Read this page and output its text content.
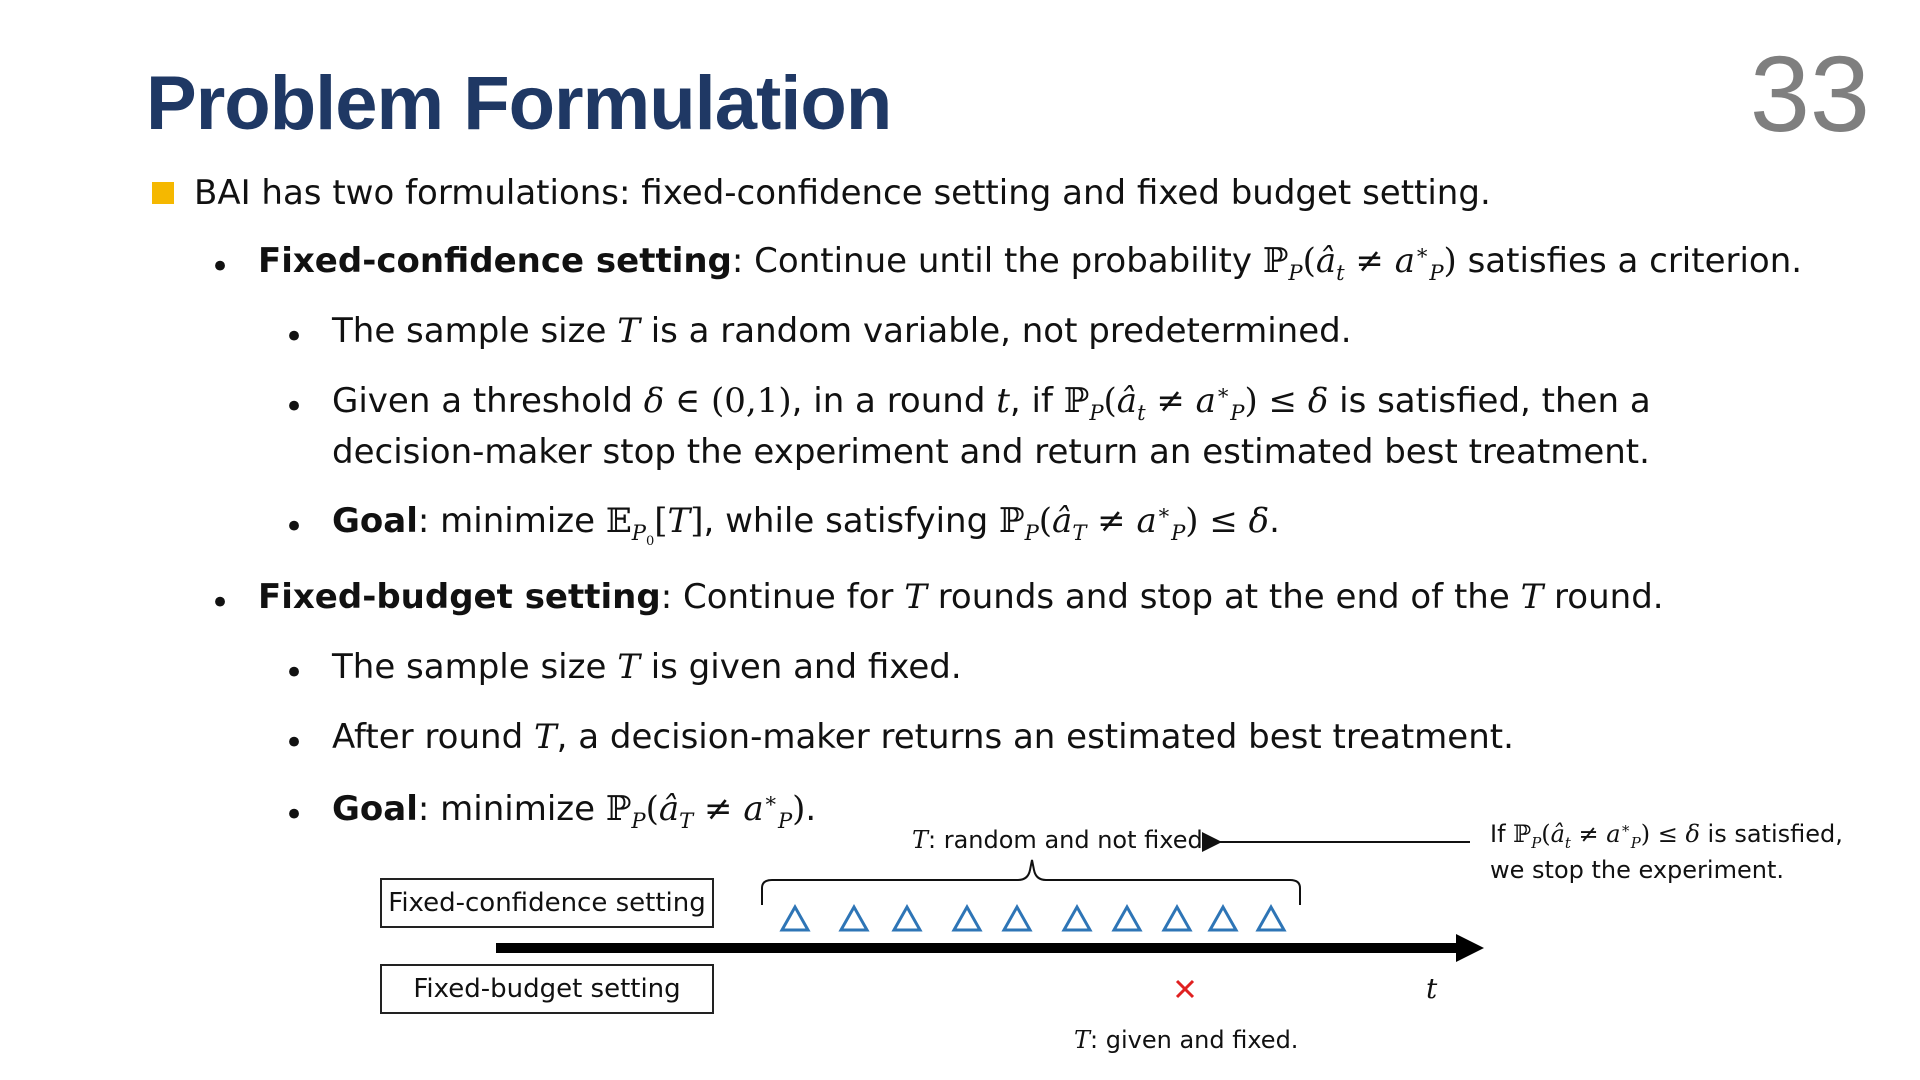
Problem Formulation	33
BAI has two formulations: fixed-confidence setting and fixed budget setting.
• Fixed-confidence setting: Continue until the probability $ℙ_P(â_t \ne a^∗_P)$ satisfies a criterion.
• The sample size T is a random variable, not predetermined.
• Given a threshold δ ∈ (0,1), in a round t, if $ℙ_P(â_t \ne a^∗_P) \le \delta$ is satisfied, then a decision-maker stop the experiment and return an estimated best treatment.
• Goal: minimize 𝔼$_{P_0}$[T], while satisfying $ℙ_P(â_T \ne a^∗_P) \le \delta$.
• Fixed-budget setting: Continue for T rounds and stop at the end of the T round.
• The sample size T is given and fixed.
• After round T, a decision-maker returns an estimated best treatment.
• Goal: minimize $ℙ_P(â_T \ne a^∗_P)$.
Fixed-confidence setting
Fixed-budget setting
T: random and not fixed.	If $ℙ_P(â_t \ne a^∗_P) \le \delta$ is satisfied,
we stop the experiment.
t
T: given and fixed.
